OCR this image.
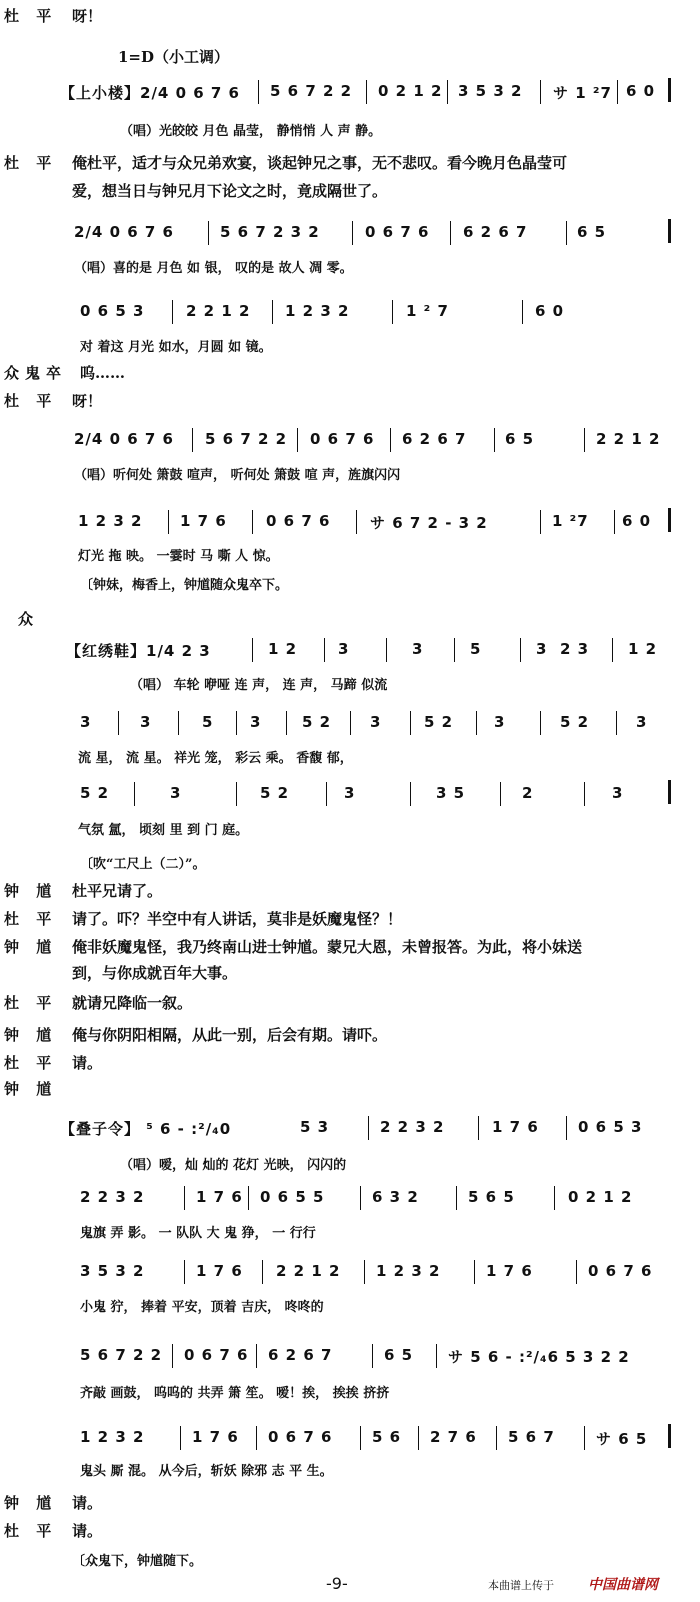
杜 平 呀！
1=D（小工调）
【上小楼】2/4 0 6 7 6 5 6 7 2 2 0 2 1 2 3 5 3 2 サ 1 ²7 6 0
（唱）光皎皎 月色 晶莹， 静悄悄 人 声 静。
杜 平 俺杜平，适才与众兄弟欢宴，谈起钟兄之事，无不悲叹。看今晚月色晶莹可
爱，想当日与钟兄月下论文之时，竟成隔世了。
2/4 0 6 7 6	5 6 7 2 3 2	0 6 7 6 6 2 6 7	6 5
（唱）喜的是 月色 如 银， 叹的是 故人 凋 零。
0 6 5 3	2 2 1 2 1 2 3 2	1 ² 7	6 0
对 着这 月光 如水，月圆 如 镜。
众鬼卒 呜……
杜 平 呀！
2/4 0 6 7 6 5 6 7 2 2 0 6 7 6 6 2 6 7	6 5	2 2 1 2
（唱）听何处 箫鼓 喧声， 听何处 箫鼓 喧 声，旌旗闪闪
1 2 3 2	1 7 6	0 6 7 6	サ 6 7 2 - 3 2	1 ²7 6 0
灯光 拖 映。 一霎时 马 嘶 人 惊。
〔钟妹，梅香上，钟馗随众鬼卒下。
众
【红绣鞋】1/4 2 3	1 2	3	3	5	3 2 3	1 2
（唱） 车轮 咿哑 连 声， 连 声， 马蹄 似流
3	3	5 3	5 2	3	5 2	3	5 2	3
流 星， 流 星。 祥光 笼， 彩云 乘。 香馥 郁，
5 2	3	5 2	3	3 5	2	3
气氛 氲， 顷刻 里 到 门 庭。
〔吹“工尺上（二）”。
钟 馗 杜平兄请了。
杜 平 请了。吓？半空中有人讲话，莫非是妖魔鬼怪？！
钟 馗 俺非妖魔鬼怪，我乃终南山进士钟馗。蒙兄大恩，未曾报答。为此，将小妹送
到，与你成就百年大事。
杜 平 就请兄降临一叙。
钟 馗 俺与你阴阳相隔，从此一别，后会有期。请吓。
杜 平 请。
钟 馗
【叠子令】 ⁵ 6 - :²/₄0	5 3	2 2 3 2	1 7 6	0 6 5 3
（唱）嗳，灿 灿的 花灯 光映， 闪闪的
2 2 3 2	1 7 6 0 6 5 5	6 3 2	5 6 5	0 2 1 2
鬼旗 弄 影。 一 队队 大 鬼 狰， 一 行行
3 5 3 2	1 7 6 2 2 1 2 1 2 3 2	1 7 6	0 6 7 6
小鬼 狞， 捧着 平安，顶着 吉庆， 咚咚的
5 6 7 2 2 0 6 7 6 6 2 6 7	6 5 サ 5 6 - :²/₄6 5 3 2 2
齐敲 画鼓， 呜呜的 共弄 箫 笙。 嗳！挨， 挨挨 挤挤
1 2 3 2	1 7 6 0 6 7 6	5 6 2 7 6 5 6 7	サ 6 5
鬼头 厮 混。 从今后，斩妖 除邪 志 平 生。
钟 馗 请。
杜 平 请。
〔众鬼下，钟馗随下。
-9-	本曲谱上传于 中国曲谱网
